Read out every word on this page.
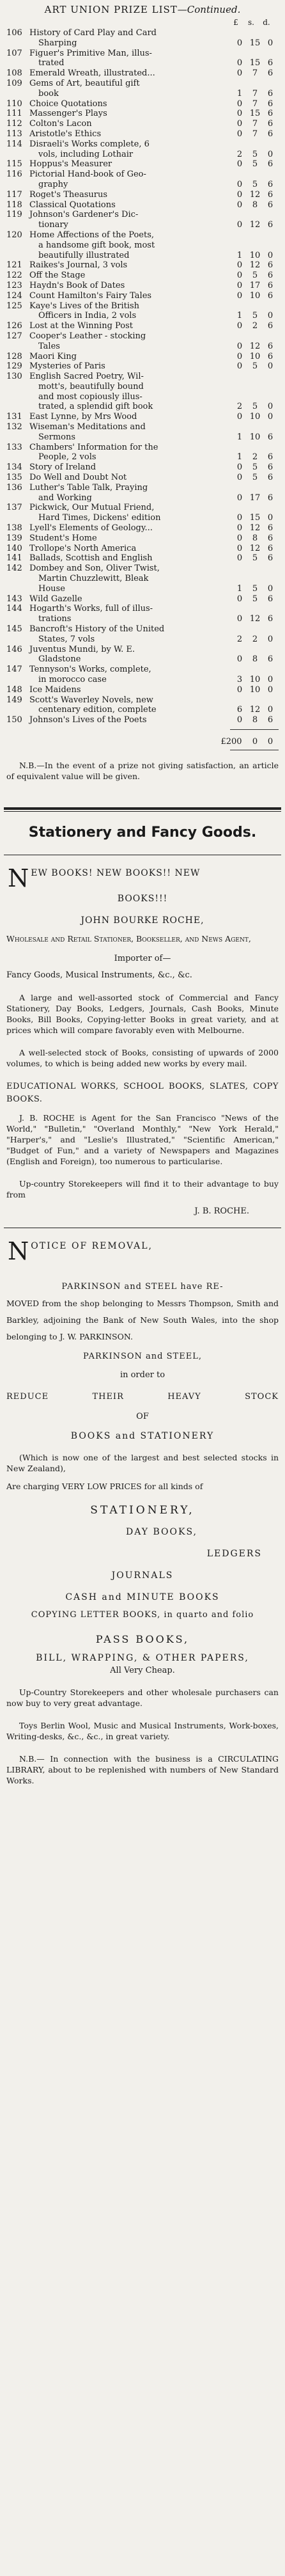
ART UNION PRIZE LIST—Continued.
£	s.	d.
106 History of Card Play and Card
Sharping	0 15 0
107 Figuer's Primitive Man, illus-
trated	0 15 6
108 Emerald Wreath, illustrated...	0	7	6
109 Gems of Art, beautiful gift
book	1	7	6
110 Choice Quotations	0	7	6
111 Massenger's Plays	0 15 6
112 Colton's Lacon	0	7	6
113 Aristotle's Ethics	0	7	6
114 Disraeli's Works complete, 6
vols, including Lothair	2	5	0
115 Hoppus's Measurer	0	5	6
116 Pictorial Hand-book of Geo-
graphy	0	5	6
117 Roget's Theasurus	0 12 6
118 Classical Quotations	0	8	6
119 Johnson's Gardener's Dic-
tionary	0 12 6
120 Home Affections of the Poets,
a handsome gift book, most
beautifully illustrated	1 10 0
121 Raikes's Journal, 3 vols	0 12 6
122 Off the Stage	0	5	6
123 Haydn's Book of Dates	0 17 6
124 Count Hamilton's Fairy Tales	0 10 6
125 Kaye's Lives of the British
Officers in India, 2 vols	1	5	0
126 Lost at the Winning Post	0	2	6
127 Cooper's Leather - stocking
Tales	0 12 6
128 Maori King	0 10 6
129 Mysteries of Paris	0	5	0
130 English Sacred Poetry, Wil-
mott's, beautifully bound
and most copiously illus-
trated, a splendid gift book	2	5	0
131 East Lynne, by Mrs Wood	0 10 0
132 Wiseman's Meditations and
Sermons	1 10 6
133 Chambers' Information for the
People, 2 vols	1	2	6
134 Story of Ireland	0	5	6
135 Do Well and Doubt Not	0	5	6
136 Luther's Table Talk, Praying
and Working	0 17 6
137 Pickwick, Our Mutual Friend,
Hard Times, Dickens' edition	0 15 0
138 Lyell's Elements of Geology...	0 12 6
139 Student's Home	0	8	6
140 Trollope's North America	0 12 6
141 Ballads, Scottish and English	0	5	6
142 Dombey and Son, Oliver Twist,
Martin Chuzzlewitt, Bleak
House	1	5	0
143 Wild Gazelle	0	5	6
144 Hogarth's Works, full of illus-
trations	0 12 6
145 Bancroft's History of the United
States, 7 vols	2	2	0
146 Juventus Mundi, by W. E.
Gladstone	0	8	6
147 Tennyson's Works, complete,
in morocco case	3 10 0
148 Ice Maidens	0 10 0
149 Scott's Waverley Novels, new
centenary edition, complete	6 12 0
150 Johnson's Lives of the Poets	0	8	6
£200	0	0

N.B.—In the event of a prize not giving satisfaction, an article of equivalent value will be given.

Stationery and Fancy Goods.
N EW BOOKS! NEW BOOKS!! NEW
BOOKS!!!
JOHN BOURKE ROCHE,
Wholesale and Retail Stationer, Bookseller, and News Agent,
Importer of—
Fancy Goods, Musical Instruments, &c., &c.
A large and well-assorted stock of Commercial and Fancy Stationery, Day Books, Ledgers, Journals, Cash Books, Minute Books, Bill Books, Copying-letter Books in great variety, and at prices which will compare favorably even with Melbourne.
A well-selected stock of Books, consisting of upwards of 2000 volumes, to which is being added new works by every mail.
EDUCATIONAL WORKS, SCHOOL BOOKS, SLATES, COPY BOOKS.
J. B. ROCHE is Agent for the San Francisco "News of the World," "Bulletin," "Overland Monthly," "New York Herald," "Harper's," and "Leslie's Illustrated," "Scientific American," "Budget of Fun," and a variety of Newspapers and Magazines (English and Foreign), too numerous to particularise.
Up-country Storekeepers will find it to their advantage to buy from
J. B. ROCHE.
N OTICE OF REMOVAL,
PARKINSON and STEEL have RE-
MOVED from the shop belonging to Messrs Thompson, Smith and Barkley, adjoining the Bank of New South Wales, into the shop belonging to J. W. PARKINSON.
PARKINSON and STEEL,
in order to
REDUCE	THEIR	HEAVY	STOCK
OF
BOOKS and STATIONERY
(Which is now one of the largest and best selected stocks in New Zealand),
Are charging VERY LOW PRICES for all kinds of
STATIONERY,
DAY BOOKS,
LEDGERS
JOURNALS
CASH and MINUTE BOOKS
COPYING LETTER BOOKS, in quarto and folio
PASS BOOKS,
BILL, WRAPPING, & OTHER PAPERS,
All Very Cheap.
Up-Country Storekeepers and other wholesale purchasers can now buy to very great advantage.
Toys Berlin Wool, Music and Musical Instruments, Work-boxes, Writing-desks, &c., &c., in great variety.
N.B.— In connection with the business is a CIRCULATING LIBRARY, about to be replenished with numbers of New Standard Works.
